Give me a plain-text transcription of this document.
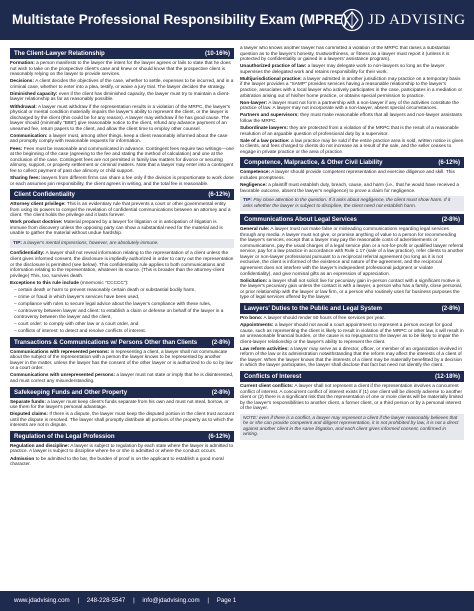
Multistate Professional Responsibility Exam (MPRE) JD ADVISING
The Client-Lawyer Relationship	(10-16%)
Formation: a person manifests to the lawyer the intent for the lawyer agrees or fails to state that he does not wish to take on the prospective client's case and knew or should know that the prospective client is reasonably relying on the lawyer to provide services.
Decisions: A client decides the objectives of the case, whether to settle, expenses to be incurred, and in a criminal case, whether to enter into a plea, testify, or waive a jury trial. The lawyer decides the strategy.
Diminished capacity: even if the client has diminished capacity, the lawyer must try to maintain a client-lawyer relationship as far as reasonably possible.
Withdrawal: A lawyer must withdraw if the representation results in a violation of the MRPC, the lawyer's physical or mental condition materially impairs the lawyer's ability to represent the client, or the lawyer is discharged by the client (this could be for any reason). A lawyer may withdraw if he has good cause. The lawyer should (minimally "B88") give reasonable notice to the client, refund any advance payment of an unearned fee, return papers to the client, and allow the client time to employ other counsel.
Communication: a lawyer must, among other things, keep a client reasonably informed about the case and promptly comply with reasonable requests for information.
Fees: Fees must be reasonable and communicated in advance. Contingent fees require two writings—one at the beginning of the case (agreeing to the fee and stating the method of calculation) and one at the conclusion of the case. Contingent fees are not permitted in family law matters for divorce or securing alimony, support, or property settlement or criminal matters. Note that a lawyer may enter into a contingent fee to collect payment of past due alimony or child support.
Sharing fees: lawyers from different firms can share a fee only if the division is proportionate to work done or each assumes join responsibility, the client agrees in writing, and the total fee is reasonable.
Client Confidentiality	(6-12%)
Attorney client privilege: This is an evidentiary rule that prevents a court or other governmental entity from using its powers to compel the revelation of confidential communications between an attorney and a client. The client holds the privilege and it lasts forever.
Work product doctrine: Material prepared by a lawyer for litigation or in anticipation of litigation is immune from discovery unless the opposing party can show a substantial need for the material and is unable to gather the material without undue hardship.
TIP: a lawyer's mental impressions, however, are absolutely immune.
Confidentiality: A lawyer shall not reveal information relating to the representation of a client unless the client gives informed consent, the disclosure is impliedly authorized in order to carry out the representation or the disclosure is permitted (see below). This confidentiality rule applies to both communications and information relating to the representation, whatever its source. (This is broader than the attorney-client privilege) This, too, survives death.
Exceptions to this rule include (mnemonic "CCCCC"):
– certain death or harm to prevent reasonably certain death or substantial bodily harm,
– crime or fraud in which lawyer's services have been used,
– compliance with rules to secure legal advice about the lawyer's compliance with these rules,
– controversy between lawyer and client: to establish a claim or defense on behalf of the lawyer in a controversy between the lawyer and the client,
– court order: to comply with other law or a court order, and
– conflicts of interest: to detect and resolve conflicts of interest.
Transactions & Communications w/ Persons Other than Clients (2-8%)
Communications with represented persons: in representing a client, a lawyer shall not communicate about the subject of the representation with a person the lawyer knows to be represented by another lawyer in the matter, unless the lawyer has the consent of the other lawyer or is authorized to do so by law or a court order.
Communications with unrepresented persons: a lawyer must not state or imply that he is disinterested, and must correct any misunderstanding.
Safekeeping Funds and Other Property	(2-8%)
Separate funds: a lawyer must keep client's funds separate from his own and must not steal, borrow, or use them for the lawyer's personal advantage.
Disputed claims: If there is a dispute, the lawyer must keep the disputed portion in the client trust account until the dispute is resolved. The lawyer shall promptly distribute all portions of the property as to which the interests are not in dispute.
Regulation of the Legal Profession	(6-12%)
Regulation and discipline: A lawyer is subject to regulation by each state where the lawyer is admitted to practice. A lawyer is subject to discipline where he or she is admitted or where the conduct occurs.
Admission to be admitted to the bar, the burden of proof is on the applicant to establish a good moral character.
a lawyer who knows another lawyer has committed a violation of the MRPC that raises a substantial question as to the lawyer's honesty, trustworthiness, or fitness as a lawyer must report it (unless it is protected by confidentiality or gained in a lawyers' assistance program).
Unauthorized practice of law: a lawyer may delegate work to non-lawyers so long as the lawyer supervises the delegated work and retains responsibility for their work.
Multijurisdictional practice: a lawyer admitted in another jurisdiction may practice on a temporary basis if the lawyer provides a "SAMP" provides services having a reasonable relationship to the lawyer's practice, associates with a local lawyer who actively participates in the case, participates in a mediation or arbitration arising out of his/her home practice, or obtains special permission to practice.
Non-lawyer: A lawyer must not form a partnership with a non-lawyer if any of the activities constitute the practice of law. A lawyer may not incorporate with a non-lawyer, absent special circumstances.
Partners and supervisors: they must make reasonable efforts that all lawyers and non-lawyer assistants follow the MRPC.
Subordinate lawyers: they are protected from a violation of the MRPC that is the result of a reasonable resolution of an arguable question of professional duty by a supervisor.
Sale of a law practice: a law practice may be sold if the entire practice area is sold, written notice is given to clients, and fees charged to clients do not increase as a result of the sale, and the seller ceases to engage in private practice or the area of practice.
Competence, Malpractice, & Other Civil Liability	(6-12%)
Competence: A lawyer should provide competent representation and exercise diligence and skill. This includes promptness.
Negligence: a plaintiff must establish duty, breach, cause, and harm (i.e., that he would have received a favorable outcome, absent the lawyer's negligence) to prove a claim for negligence.
TIP: Pay close attention to the question. If it asks about negligence, the client must show harm. If it asks whether the lawyer is subject to discipline, the client need not establish harm.
Communications About Legal Services	(2-8%)
General rule: A lawyer must not make false or misleading communications regarding legal services through any media. A lawyer must not give, or promise anything of value to a person for recommending the lawyer's services, except that a lawyer may pay the reasonable costs of advertisements or communications, pay the usual charges of a legal service plan or a not-for-profit or qualified lawyer referral service, pay for a law practice in accordance with Rule 1.17 (sale of a law practice), refer clients to another lawyer or non-lawyer professional pursuant to a reciprocal referral agreement (so long as it is not exclusive, the client is informed of the existence and nature of the agreement, and the reciprocal agreement does not interfere with the lawyer's independent professional judgment or violate confidentiality), and give nominal gifts as an expression of appreciation.
Solicitation: a lawyer shall not solicit live for pecuniary gain in-person contact with a significant motive is the lawyer's pecuniary gain unless the contact is with a lawyer, a person who has a family, close personal, or prior relationship with the lawyer or law firm, or a person who routinely uses for business purposes the type of legal services offered by the lawyer.
Lawyers' Duties to the Public and Legal System	(2-8%)
Pro bono: A lawyer should render 50 hours of free services per year.
Appointments: a lawyer should not avoid a court appointment to represent a person except for good cause, such as representing the client is likely to result in violation of the MRPC or other law, it will result in an unreasonable financial burden, or the cause is so repugnant to the lawyer as to be likely to impair the client-lawyer relationship or the lawyer's ability to represent the client.
Law reform activities: a lawyer may serve as a director, officer, or member of an organization involved in reform of the law or its administration notwithstanding that the reform may affect the interests of a client of the lawyer. When the lawyer knows that the interests of a client may be materially benefitted by a decision in which the lawyer participates, the lawyer shall disclose that fact but need not identify the client.
Conflicts of Interest	(12-18%)
Current client conflicts: A lawyer shall not represent a client if the representation involves a concurrent conflict of interest. A concurrent conflict of interest exists if (1) one client will be directly adverse to another client or (2) there is a significant risk that the representation of one or more clients will be materially limited by the lawyer's responsibilities to another client, a former client, or a third person or by a personal interest of the lawyer.
NOTE: even if there is a conflict, a lawyer may represent a client if the lawyer reasonably believes that he or she can provide competent and diligent representation, it is not prohibited by law, it is not a direct against another client in the same litigation, and each client gives informed consent, confirmed in writing.
www.jdadvising.com | 248-228-5547 | info@jdadvising.com | Page 1
